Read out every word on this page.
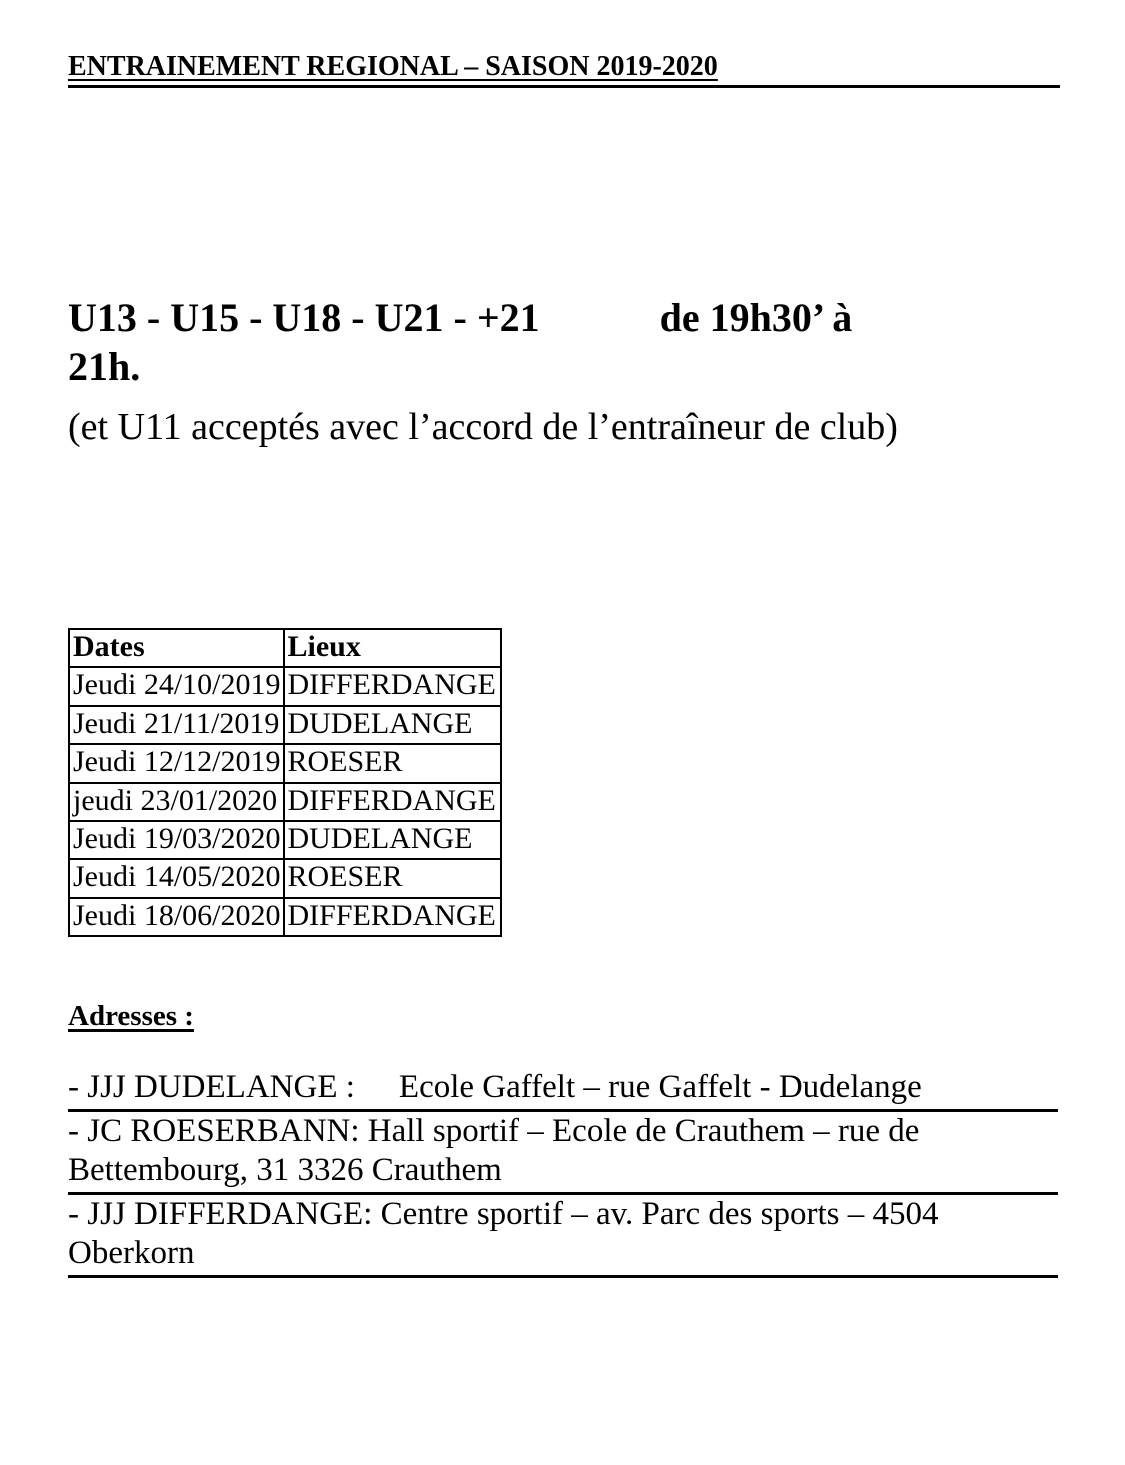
ENTRAINEMENT REGIONAL – SAISON 2019-2020
U13 - U15 - U18 - U21 - +21	de 19h30’ à
21h.
(et U11 acceptés avec l’accord de l’entraîneur de club)
Dates	Lieux
Jeudi 24/10/2019	DIFFERDANGE
Jeudi 21/11/2019	DUDELANGE
Jeudi 12/12/2019	ROESER
jeudi 23/01/2020	DIFFERDANGE
Jeudi 19/03/2020	DUDELANGE
Jeudi 14/05/2020	ROESER
Jeudi 18/06/2020	DIFFERDANGE
Adresses :

- JJJ DUDELANGE : Ecole Gaffelt – rue Gaffelt - Dudelange

- JC ROESERBANN: Hall sportif – Ecole de Crauthem – rue de Bettembourg, 31 3326 Crauthem

- JJJ DIFFERDANGE: Centre sportif – av. Parc des sports – 4504 Oberkorn
